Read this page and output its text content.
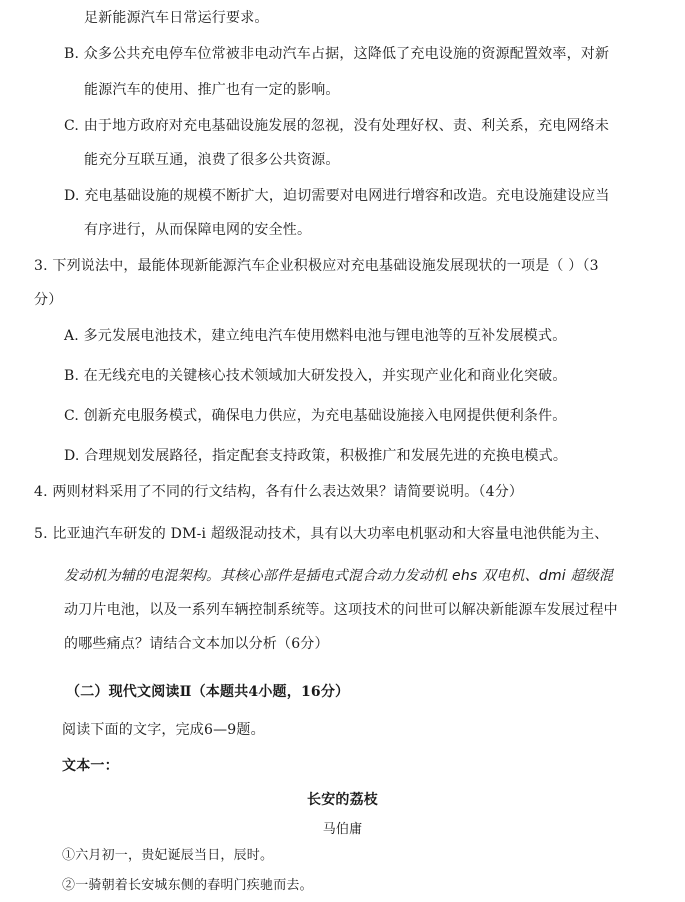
足新能源汽车日常运行要求。
B. 众多公共充电停车位常被非电动汽车占据，这降低了充电设施的资源配置效率，对新
能源汽车的使用、推广也有一定的影响。
C. 由于地方政府对充电基础设施发展的忽视，没有处理好权、责、利关系，充电网络未
能充分互联互通，浪费了很多公共资源。
D. 充电基础设施的规模不断扩大，迫切需要对电网进行增容和改造。充电设施建设应当
有序进行，从而保障电网的安全性。
3. 下列说法中，最能体现新能源汽车企业积极应对充电基础设施发展现状的一项是（ ）（3
分）
A. 多元发展电池技术，建立纯电汽车使用燃料电池与锂电池等的互补发展模式。
B. 在无线充电的关键核心技术领域加大研发投入，并实现产业化和商业化突破。
C. 创新充电服务模式，确保电力供应，为充电基础设施接入电网提供便利条件。
D. 合理规划发展路径，指定配套支持政策，积极推广和发展先进的充换电模式。
4. 两则材料采用了不同的行文结构，各有什么表达效果？请简要说明。（4分）
5. 比亚迪汽车研发的 DM-i 超级混动技术，具有以大功率电机驱动和大容量电池供能为主、
发动机为辅的电混架构。其核心部件是插电式混合动力发动机 ehs 双电机、dmi 超级混
动刀片电池，以及一系列车辆控制系统等。这项技术的问世可以解决新能源车发展过程中
的哪些痛点？请结合文本加以分析（6分）
（二）现代文阅读Ⅱ（本题共4小题，16分）
阅读下面的文字，完成6—9题。
文本一：
长安的荔枝
马伯庸
①六月初一，贵妃诞辰当日，辰时。
②一骑朝着长安城东侧的春明门疾驰而去。
